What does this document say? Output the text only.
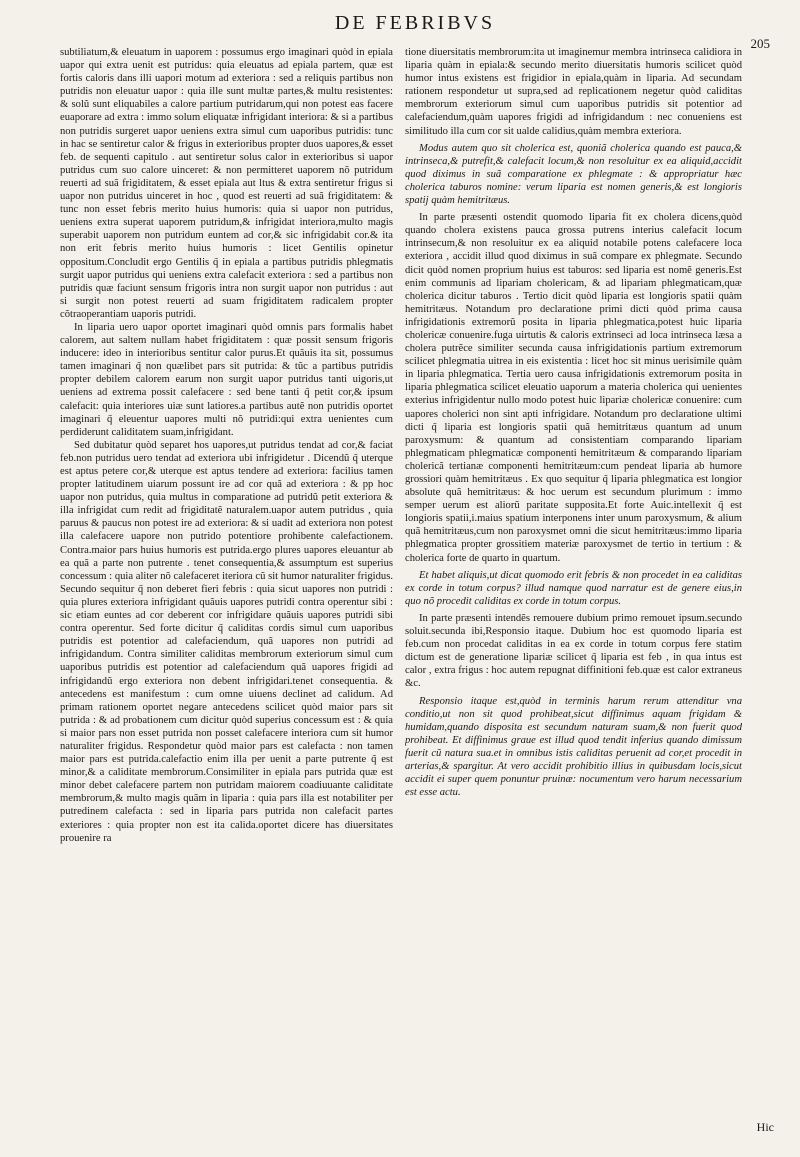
DE FEBRIBVS
205

subtiliatum,& eleuatum in uaporem : possumus ergo imaginari quòd in epiala uapor qui extra uenit est putridus: quia eleuatus ad epiala partem, quæ est fortis caloris dans illi uapori motum ad exteriora : sed a reliquis partibus non putridis non eleuatur uapor : quia ille sunt multæ partes,& multu resistentes: & solũ sunt eliquabiles a calore partium putridarum,qui non potest eas facere euaporare ad extra : immo solum eliquatæ infrigidant interiora: & si a partibus non putridis surgeret uapor ueniens extra simul cum uaporibus putridis: tunc in hac se sentiretur calor & frigus in exterioribus propter duos uapores,& esset feb. de sequenti capitulo . aut sentiretur solus calor in exterioribus si uapor putridus cum suo calore uinceret: & non permitteret uaporem nõ putridum reuerti ad suã frigiditatem, & esset epiala aut ltus & extra sentiretur frigus si uapor non putridus uinceret in hoc , quod est reuerti ad suã frigiditatem: & tunc non esset febris merito huius humoris: quia si uapor non putridus, ueniens extra superat uaporem putridum,& infrigidat interiora,multo magis superabit uaporem non putridum euntem ad cor,& sic infrigidabit cor.& ita non erit febris merito huius humoris : licet Gentilis opinetur oppositum.Concludit ergo Gentilis q̃ in epiala a partibus putridis phlegmatis surgit uapor putridus qui ueniens extra calefacit exteriora : sed a partibus non putridis quæ faciunt sensum frigoris intra non surgit uapor non putridus : aut si surgit non potest reuerti ad suam frigiditatem radicalem propter cõtraoperantiam uaporis putridi.

In liparia uero uapor oportet imaginari quòd omnis pars formalis habet calorem, aut saltem nullam habet frigiditatem : quæ possit sensum frigoris inducere: ideo in interioribus sentitur calor purus.Et quãuis ita sit, possumus tamen imaginari q̃ non quælibet pars sit putrida: & tũc a partibus putridis propter debilem calorem earum non surgit uapor putridus tanti uigoris,ut ueniens ad extrema possit calefacere : sed bene tanti q̃ petit cor,& ipsum calefacit: quia interiores uiæ sunt latiores.a partibus autẽ non putridis oportet imaginari q̃ eleuentur uapores multi nõ putridi:qui extra uenientes cum perdiderunt caliditatem suam,infrigidant.

Sed dubitatur quòd separet hos uapores,ut putridus tendat ad cor,& faciat feb.non putridus uero tendat ad exteriora ubi infrigidetur . Dicendũ q̃ uterque est aptus petere cor,& uterque est aptus tendere ad exteriora: facilius tamen propter latitudinem uiarum possunt ire ad cor quã ad exteriora : & pp hoc uapor non putridus, quia multus in comparatione ad putridũ petit exteriora & illa infrigidat cum redit ad frigiditatẽ naturalem.uapor autem putridus , quia paruus & paucus non potest ire ad exteriora: & si uadit ad exteriora non potest illa calefacere uapore non putrido potentiore prohibente calefactionem. Contra.maior pars huius humoris est putrida.ergo plures uapores eleuantur ab ea quã a parte non putrente . tenet consequentia,& assumptum est superius concessum : quia aliter nõ calefaceret iteriora cũ sit humor naturaliter frigidus. Secundo sequitur q̃ non deberet fieri febris : quia sicut uapores non putridi : quia plures exteriora infrigidant quãuis uapores putridi contra operentur sibi : sic etiam euntes ad cor deberent cor infrigidare quãuis uapores putridi sibi contra operentur. Sed forte dicitur q̃ caliditas cordis simul cum uaporibus putridis est potentior ad calefaciendum, quã uapores non putridi ad infrigidandum. Contra similiter caliditas membrorum exteriorum simul cum uaporibus putridis est potentior ad calefaciendum quã uapores frigidi ad infrigidandũ ergo exteriora non debent infrigidari.tenet consequentia. & antecedens est manifestum : cum omne uiuens declinet ad calidum. Ad primam rationem oportet negare antecedens scilicet quòd maior pars sit putrida : & ad probationem cum dicitur quòd superius concessum est : & quia si maior pars non esset putrida non posset calefacere interiora cum sit humor naturaliter frigidus. Respondetur quòd maior pars est calefacta : non tamen maior pars est putrida.calefactio enim illa per uenit a parte putrente q̃ est minor,& a caliditate membrorum.Consimiliter in epiala pars putrida quæ est minor debet calefacere partem non putridam maiorem coadiuuante caliditate membrorum,& multo magis quãm in liparia : quia pars illa est notabiliter per putredinem calefacta : sed in liparia pars putrida non calefacit partes exteriores : quia propter non est ita calida.oportet dicere has diuersitates prouenire ra

tione diuersitatis membrorum:ita ut imaginemur membra intrinseca calidiora in liparia quàm in epiala:& secundo merito diuersitatis humoris scilicet quòd humor intus existens est frigidior in epiala,quàm in liparia. Ad secundam rationem respondetur ut supra,sed ad replicationem negetur quòd caliditas membrorum exteriorum simul cum uaporibus putridis sit potentior ad calefaciendum,quàm uapores frigidi ad infrigidandum : nec conueniens est similitudo illa cum cor sit ualde calidius,quàm membra exteriora.

Modus autem quo sit cholerica est, quoniã cholerica quando est pauca,& intrinseca,& putrefit,& calefacit locum,& non resoluitur ex ea aliquid,accidit quod diximus in suã comparatione ex phlegmate : & appropriatur hæc cholerica taburos nomine: verum liparia est nomen generis,& est longioris spatij quàm hemitritæus.

In parte præsenti ostendit quomodo liparia fit ex cholera dicens,quòd quando cholera existens pauca grossa putrens interius calefacit locum intrinsecum,& non resoluitur ex ea aliquid notabile potens calefacere loca exteriora , accidit illud quod diximus in suã compare ex phlegmate. Secundo dicit quòd nomen proprium huius est taburos: sed liparia est nomẽ generis.Est enim communis ad lipariam cholericam, & ad lipariam phlegmaticam,quæ cholerica dicitur taburos . Tertio dicit quòd liparia est longioris spatii quàm hemitritæus. Notandum pro declaratione primi dicti quòd prima causa infrigidationis extremorũ posita in liparia phlegmatica,potest huic liparia cholericæ conuenire.fuga uirtutis & caloris extrinseci ad loca intrinseca læsa a cholera putrẽce similiter secunda causa infrigidationis partium extremorum scilicet phlegmatia uitrea in eis existentia : licet hoc sit minus uerisimile quàm in liparia phlegmatica. Tertia uero causa infrigidationis extremorum posita in liparia phlegmatica scilicet eleuatio uaporum a materia cholerica qui uenientes exterius infrigidentur nullo modo potest huic lipariæ cholericæ conuenire: cum uapores cholerici non sint apti infrigidare. Notandum pro declaratione ultimi dicti q̃ liparia est longioris spatii quã hemitritæus quantum ad unum paroxysmum: & quantum ad consistentiam comparando lipariam phlegmaticam phlegmaticæ componenti hemitritæum & comparando lipariam cholericã tertianæ componenti hemitritæum:cum pendeat liparia ab humore grossiori quàm hemitritæus . Ex quo sequitur q̃ liparia phlegmatica est longior absolute quã hemitritæus: & hoc uerum est secundum plurimum : immo semper uerum est aliorũ paritate supposita.Et forte Auic.intellexit q̃ est longioris spatii,i.maius spatium interponens inter unum paroxysmum, & alium quã hemitritæus,cum non paroxysmet omni die sicut hemitritæus:immo liparia phlegmatica propter grossitiem materiæ paroxysmet de tertio in tertium : & cholerica forte de quarto in quartum.

Et habet aliquis,ut dicat quomodo erit febris & non procedet in ea caliditas ex corde in totum corpus? illud namque quod narratur est de genere eius,in quo nõ procedit caliditas ex corde in totum corpus.

In parte præsenti intendẽs remouere dubium primo remouet ipsum.secundo soluit.secunda ibi,Responsio itaque. Dubium hoc est quomodo liparia est feb.cum non procedat caliditas in ea ex corde in totum corpus fere statim dictum est de generatione lipariæ scilicet q̃ liparia est feb , in qua intus est calor , extra frigus : hoc autem repugnat diffinitioni feb.quæ est calor extraneus &c.

Responsio itaque est,quòd in terminis harum rerum attenditur vna conditio,ut non sit quod prohibeat,sicut diffinimus aquam frigidam & humidam,quando disposita est secundum naturam suam,& non fuerit quod prohibeat. Et diffinimus graue est illud quod tendit inferius quando dimissum fuerit cũ natura sua.et in omnibus istis caliditas peruenit ad cor,et procedit in arterias,& spargitur. At vero accidit prohibitio illius in quibusdam locis,sicut accidit ei super quem ponuntur pruinæ: nocumentum vero harum necessarium est esse actu.

Hic
